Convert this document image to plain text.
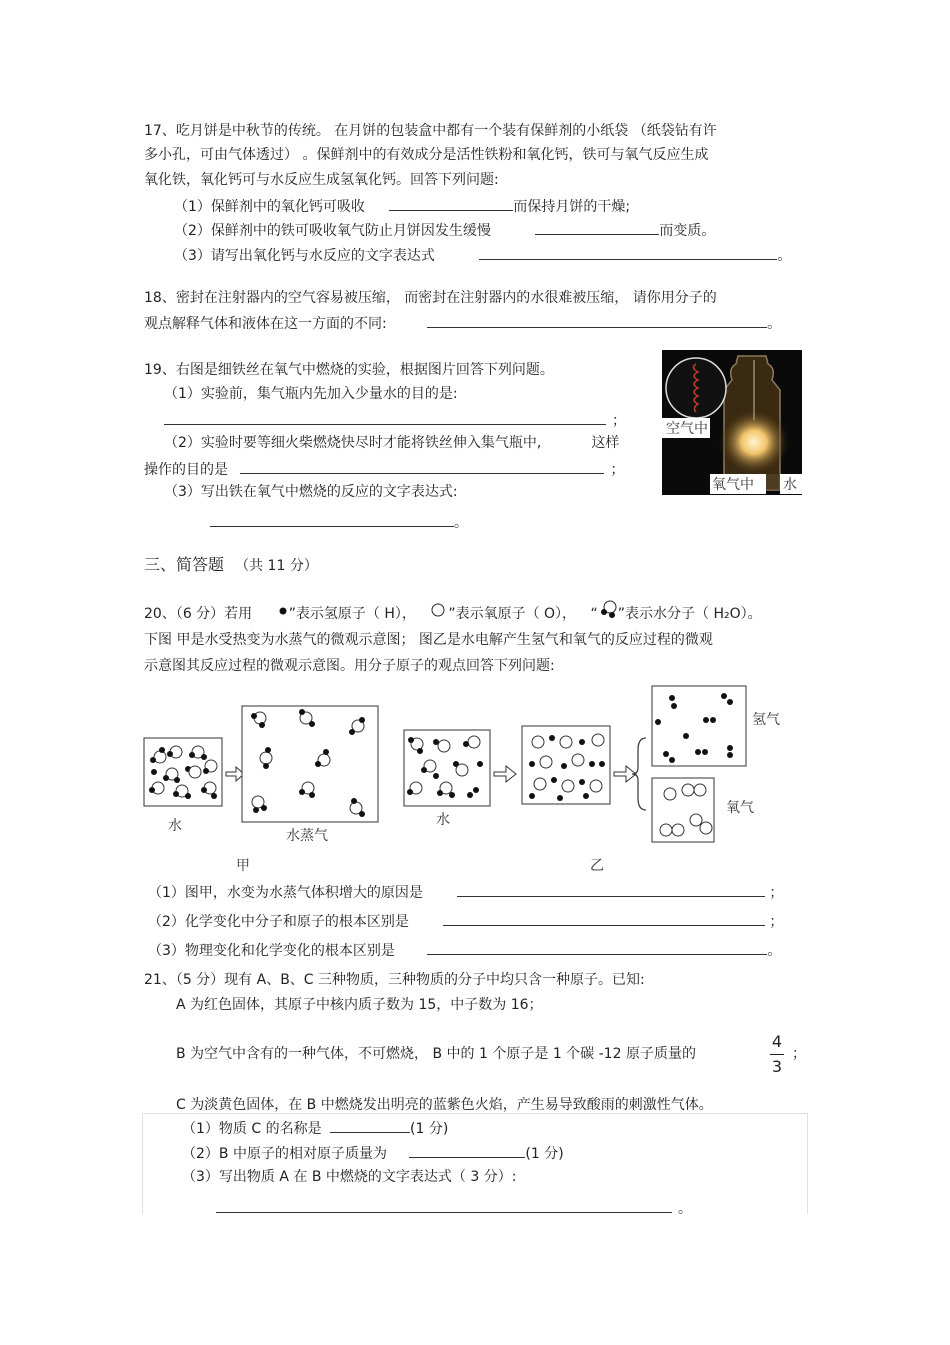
17、吃月饼是中秋节的传统。 在月饼的包装盒中都有一个装有保鲜剂的小纸袋 （纸袋钻有许
多小孔，可由气体透过） 。保鲜剂中的有效成分是活性铁粉和氧化钙，铁可与氧气反应生成
氧化铁，氧化钙可与水反应生成氢氧化钙。回答下列问题:
（1）保鲜剂中的氧化钙可吸收	而保持月饼的干燥;
（2）保鲜剂中的铁可吸收氧气防止月饼因发生缓慢	而变质。
（3）请写出氧化钙与水反应的文字表达式	。
18、密封在注射器内的空气容易被压缩， 而密封在注射器内的水很难被压缩， 请你用分子的
观点解释气体和液体在这一方面的不同:	。
19、右图是细铁丝在氧气中燃烧的实验，根据图片回答下列问题。
（1）实验前，集气瓶内先加入少量水的目的是:
；
（2）实验时要等细火柴燃烧快尽时才能将铁丝伸入集气瓶中,	这样
操作的目的是	；
（3）写出铁在氧气中燃烧的反应的文字表达式:
。
空气中
氧气中 水
三、简答题 （共 11 分）
20、（6 分）若用	”表示氢原子（ H）， ”表示氧原子（ O）， “ ”表示水分子（ H₂O）。
下图 甲是水受热变为水蒸气的微观示意图； 图乙是水电解产生氢气和氧气的反应过程的微观
示意图其反应过程的微观示意图。用分子原子的观点回答下列问题:
水
水蒸气
水
氢气
氧气
甲	乙
（1）图甲，水变为水蒸气体积增大的原因是	；
（2）化学变化中分子和原子的根本区别是	；
（3）物理变化和化学变化的根本区别是	。
21、（5 分）现有 A、B、C 三种物质，三种物质的分子中均只含一种原子。已知:
A 为红色固体，其原子中核内质子数为 15，中子数为 16；
B 为空气中含有的一种气体，不可燃烧， B 中的 1 个原子是 1 个碳 -12 原子质量的
4
3
；
C 为淡黄色固体，在 B 中燃烧发出明亮的蓝紫色火焰，产生易导致酸雨的刺激性气体。
（1）物质 C 的名称是	(1 分)
（2）B 中原子的相对原子质量为	(1 分)
（3）写出物质 A 在 B 中燃烧的文字表达式（ 3 分）:
。
